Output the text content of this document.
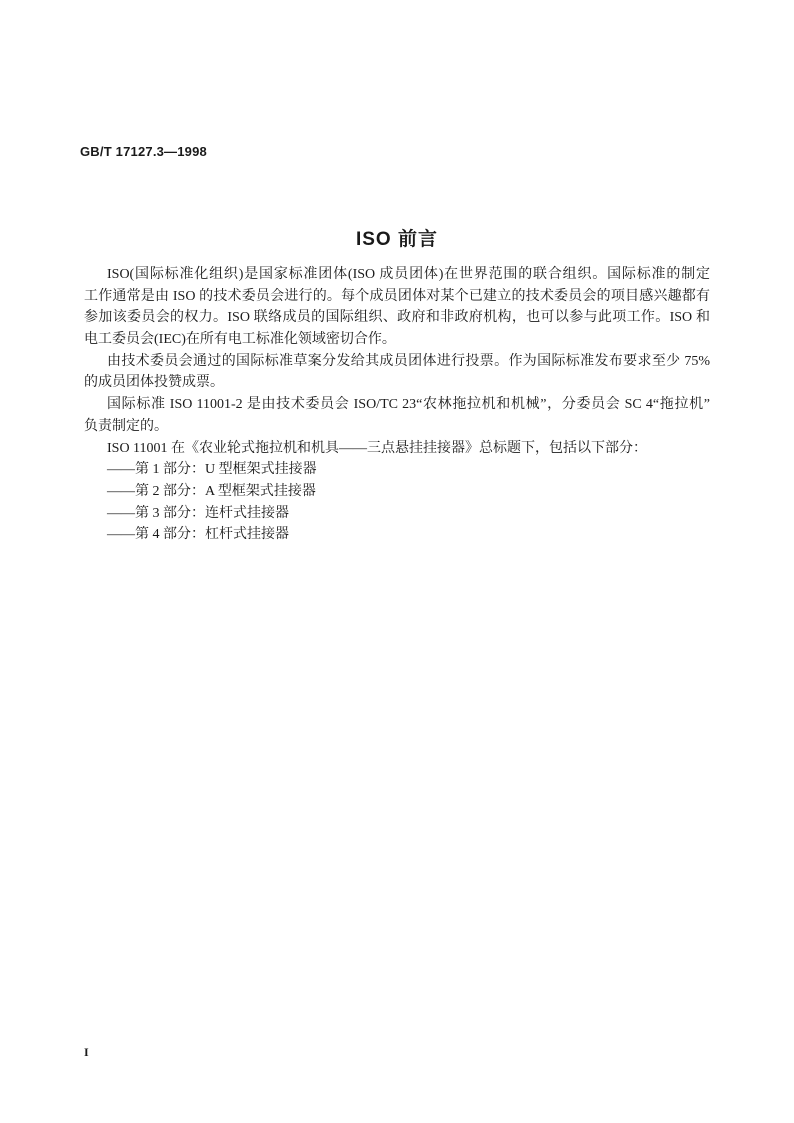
GB/T 17127.3—1998
ISO 前言
ISO(国际标准化组织)是国家标准团体(ISO 成员团体)在世界范围的联合组织。国际标准的制定
工作通常是由 ISO 的技术委员会进行的。每个成员团体对某个已建立的技术委员会的项目感兴趣都有
参加该委员会的权力。ISO 联络成员的国际组织、政府和非政府机构，也可以参与此项工作。ISO 和
电工委员会(IEC)在所有电工标准化领域密切合作。
由技术委员会通过的国际标准草案分发给其成员团体进行投票。作为国际标准发布要求至少 75%
的成员团体投赞成票。
国际标准 ISO 11001-2 是由技术委员会 ISO/TC 23“农林拖拉机和机械”，分委员会 SC 4“拖拉机”
负责制定的。
ISO 11001 在《农业轮式拖拉机和机具——三点悬挂挂接器》总标题下，包括以下部分：
——第 1 部分：U 型框架式挂接器
——第 2 部分：A 型框架式挂接器
——第 3 部分：连杆式挂接器
——第 4 部分：杠杆式挂接器
I
